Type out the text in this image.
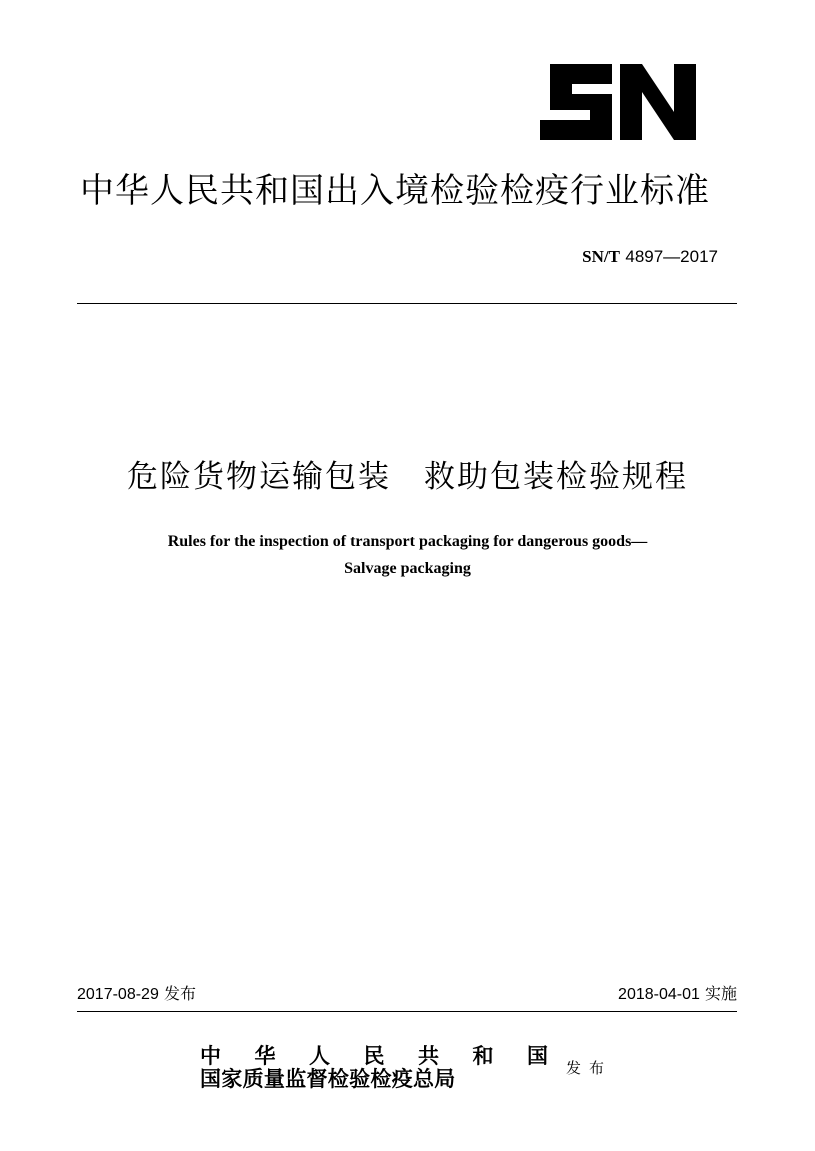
中华人民共和国出入境检验检疫行业标准
SN/T 4897—2017
危险货物运输包装　救助包装检验规程
Rules for the inspection of transport packaging for dangerous goods—
Salvage packaging
2017-08-29 发布	2018-04-01 实施
中 华 人 民 共 和 国
国家质量监督检验检疫总局	发布
